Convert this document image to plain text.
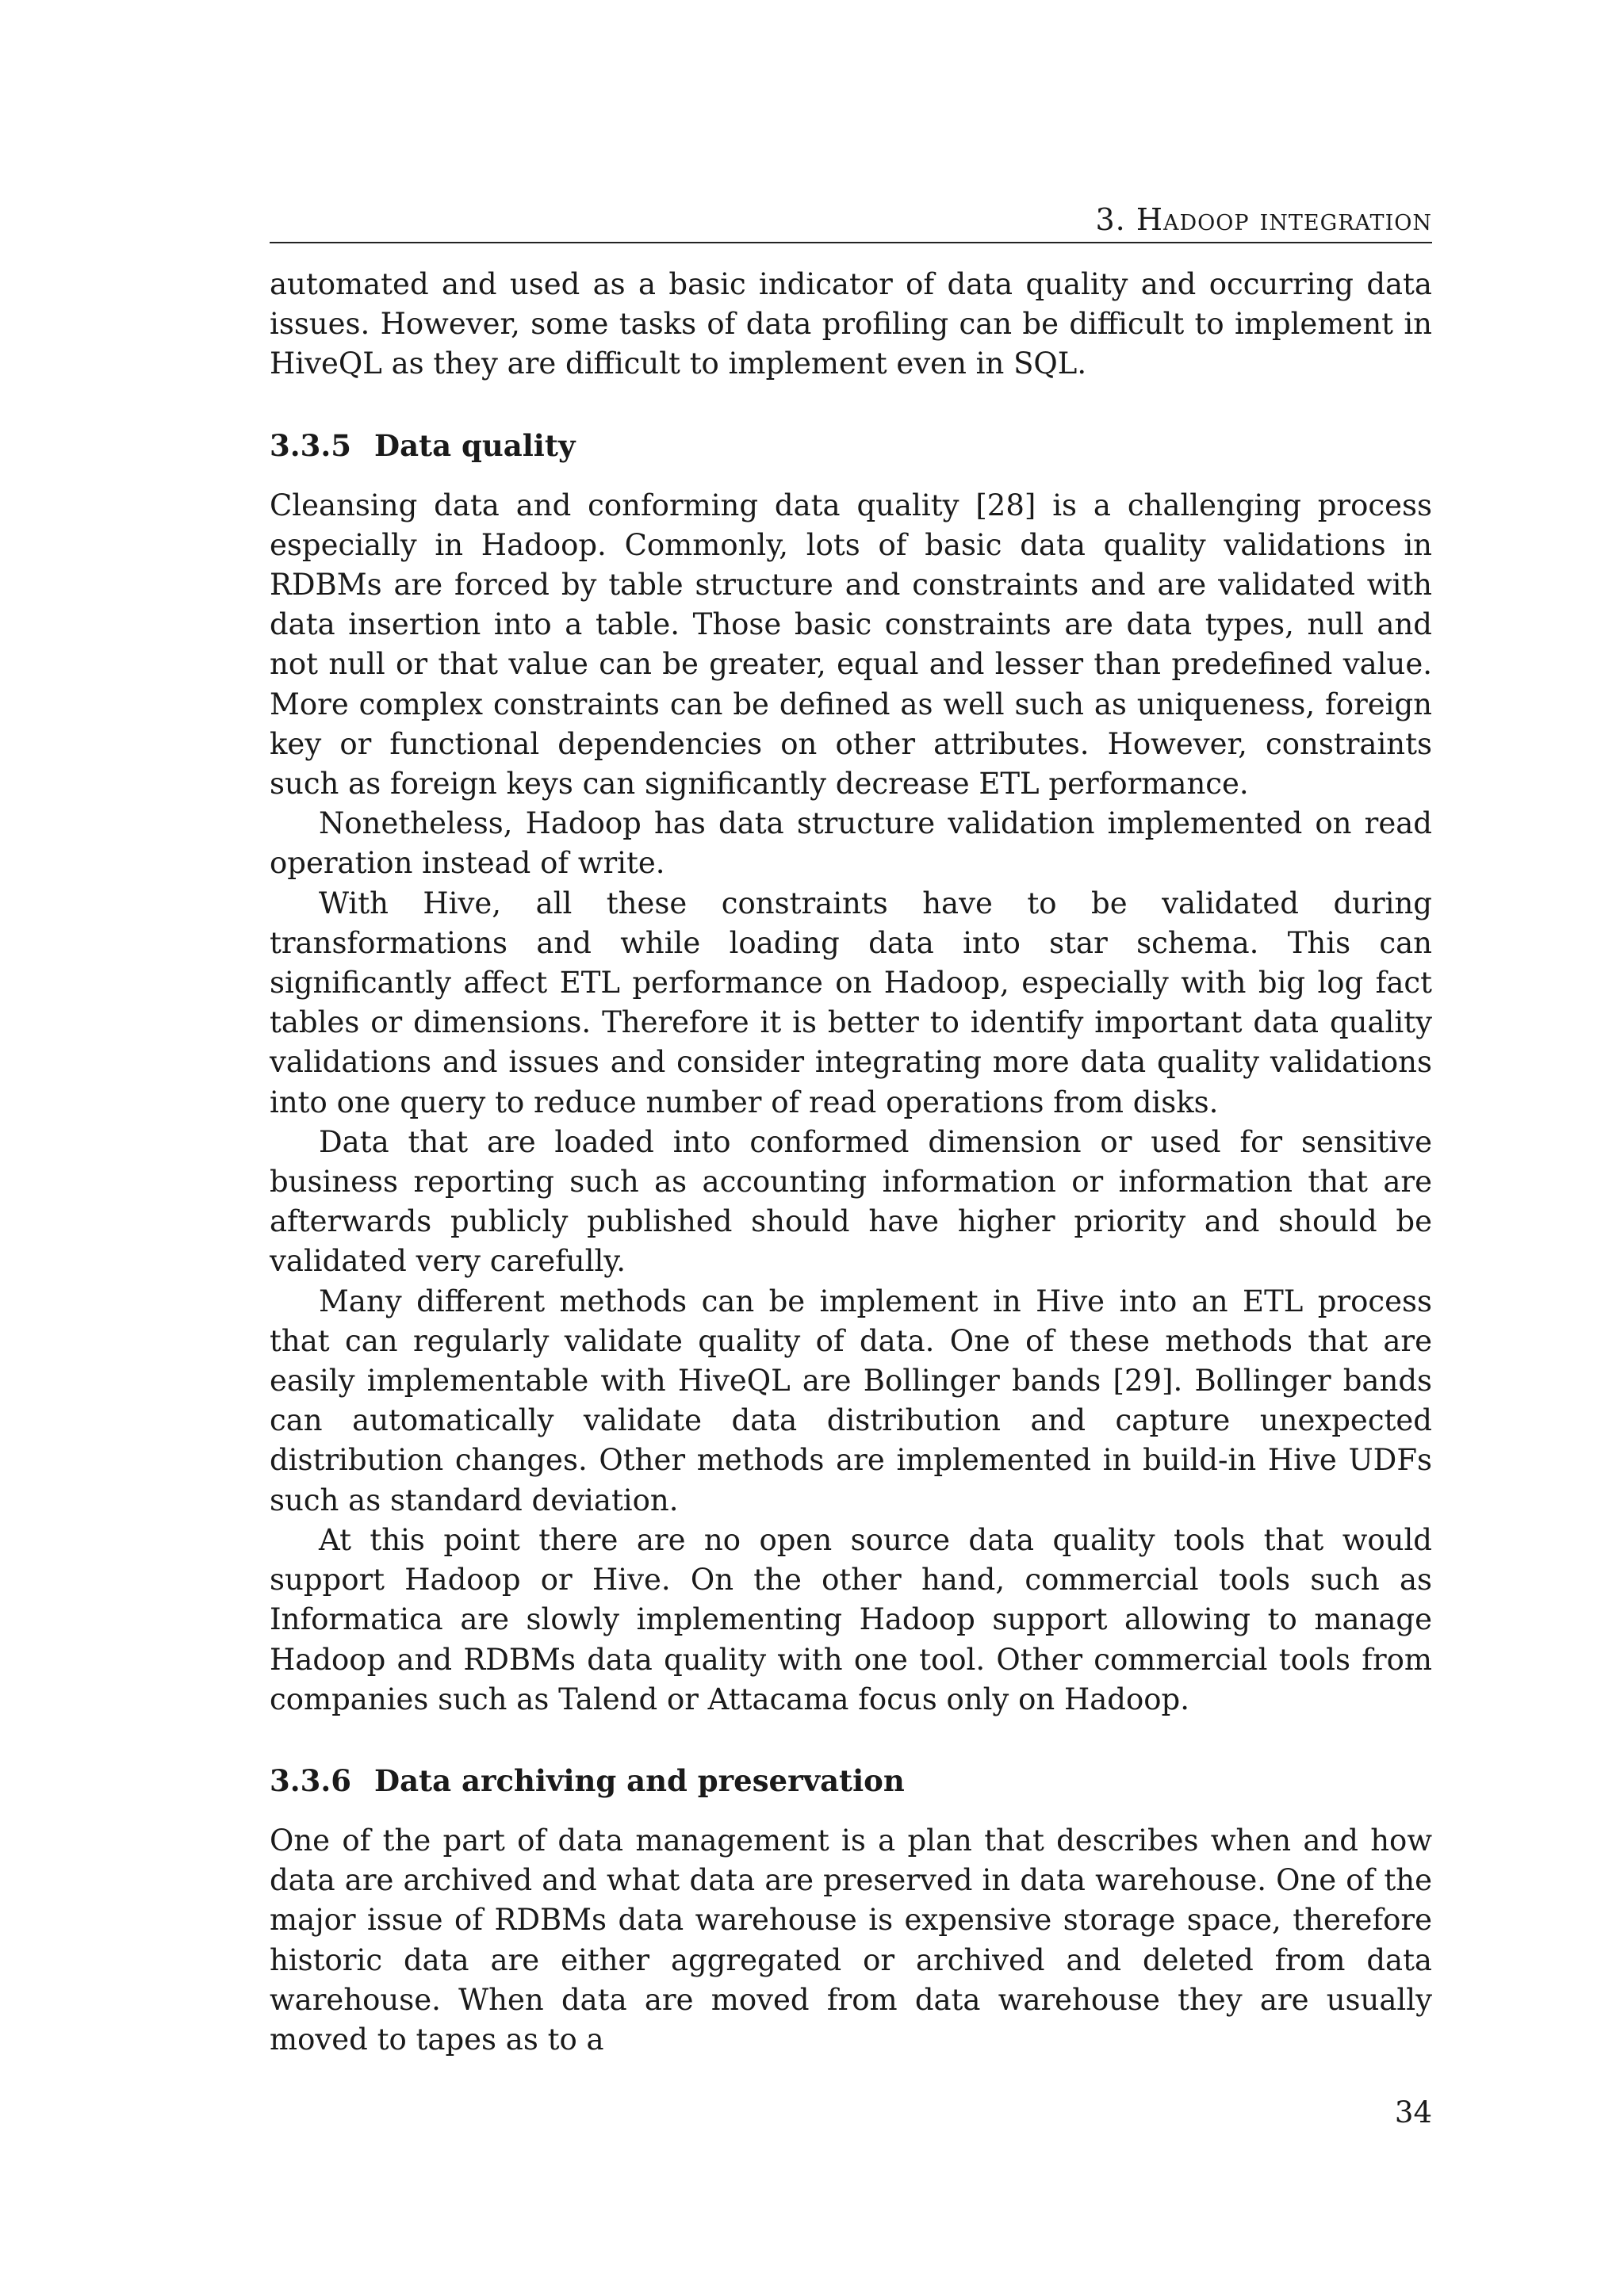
3. Hadoop integration

automated and used as a basic indicator of data quality and occurring data issues. However, some tasks of data profiling can be difficult to implement in HiveQL as they are difficult to implement even in SQL.

3.3.5 Data quality

Cleansing data and conforming data quality [28] is a challenging process especially in Hadoop. Commonly, lots of basic data quality validations in RDBMs are forced by table structure and constraints and are validated with data insertion into a table. Those basic constraints are data types, null and not null or that value can be greater, equal and lesser than predefined value. More complex constraints can be defined as well such as uniqueness, foreign key or functional dependencies on other attributes. However, constraints such as foreign keys can significantly decrease ETL performance.

Nonetheless, Hadoop has data structure validation implemented on read operation instead of write.

With Hive, all these constraints have to be validated during transformations and while loading data into star schema. This can significantly affect ETL performance on Hadoop, especially with big log fact tables or dimensions. Therefore it is better to identify important data quality validations and issues and consider integrating more data quality validations into one query to reduce number of read operations from disks.

Data that are loaded into conformed dimension or used for sensitive business reporting such as accounting information or information that are afterwards publicly published should have higher priority and should be validated very carefully.

Many different methods can be implement in Hive into an ETL process that can regularly validate quality of data. One of these methods that are easily implementable with HiveQL are Bollinger bands [29]. Bollinger bands can automatically validate data distribution and capture unexpected distribution changes. Other methods are implemented in build-in Hive UDFs such as standard deviation.

At this point there are no open source data quality tools that would support Hadoop or Hive. On the other hand, commercial tools such as Informatica are slowly implementing Hadoop support allowing to manage Hadoop and RDBMs data quality with one tool. Other commercial tools from companies such as Talend or Attacama focus only on Hadoop.

3.3.6 Data archiving and preservation

One of the part of data management is a plan that describes when and how data are archived and what data are preserved in data warehouse. One of the major issue of RDBMs data warehouse is expensive storage space, therefore historic data are either aggregated or archived and deleted from data warehouse. When data are moved from data warehouse they are usually moved to tapes as to a

34
